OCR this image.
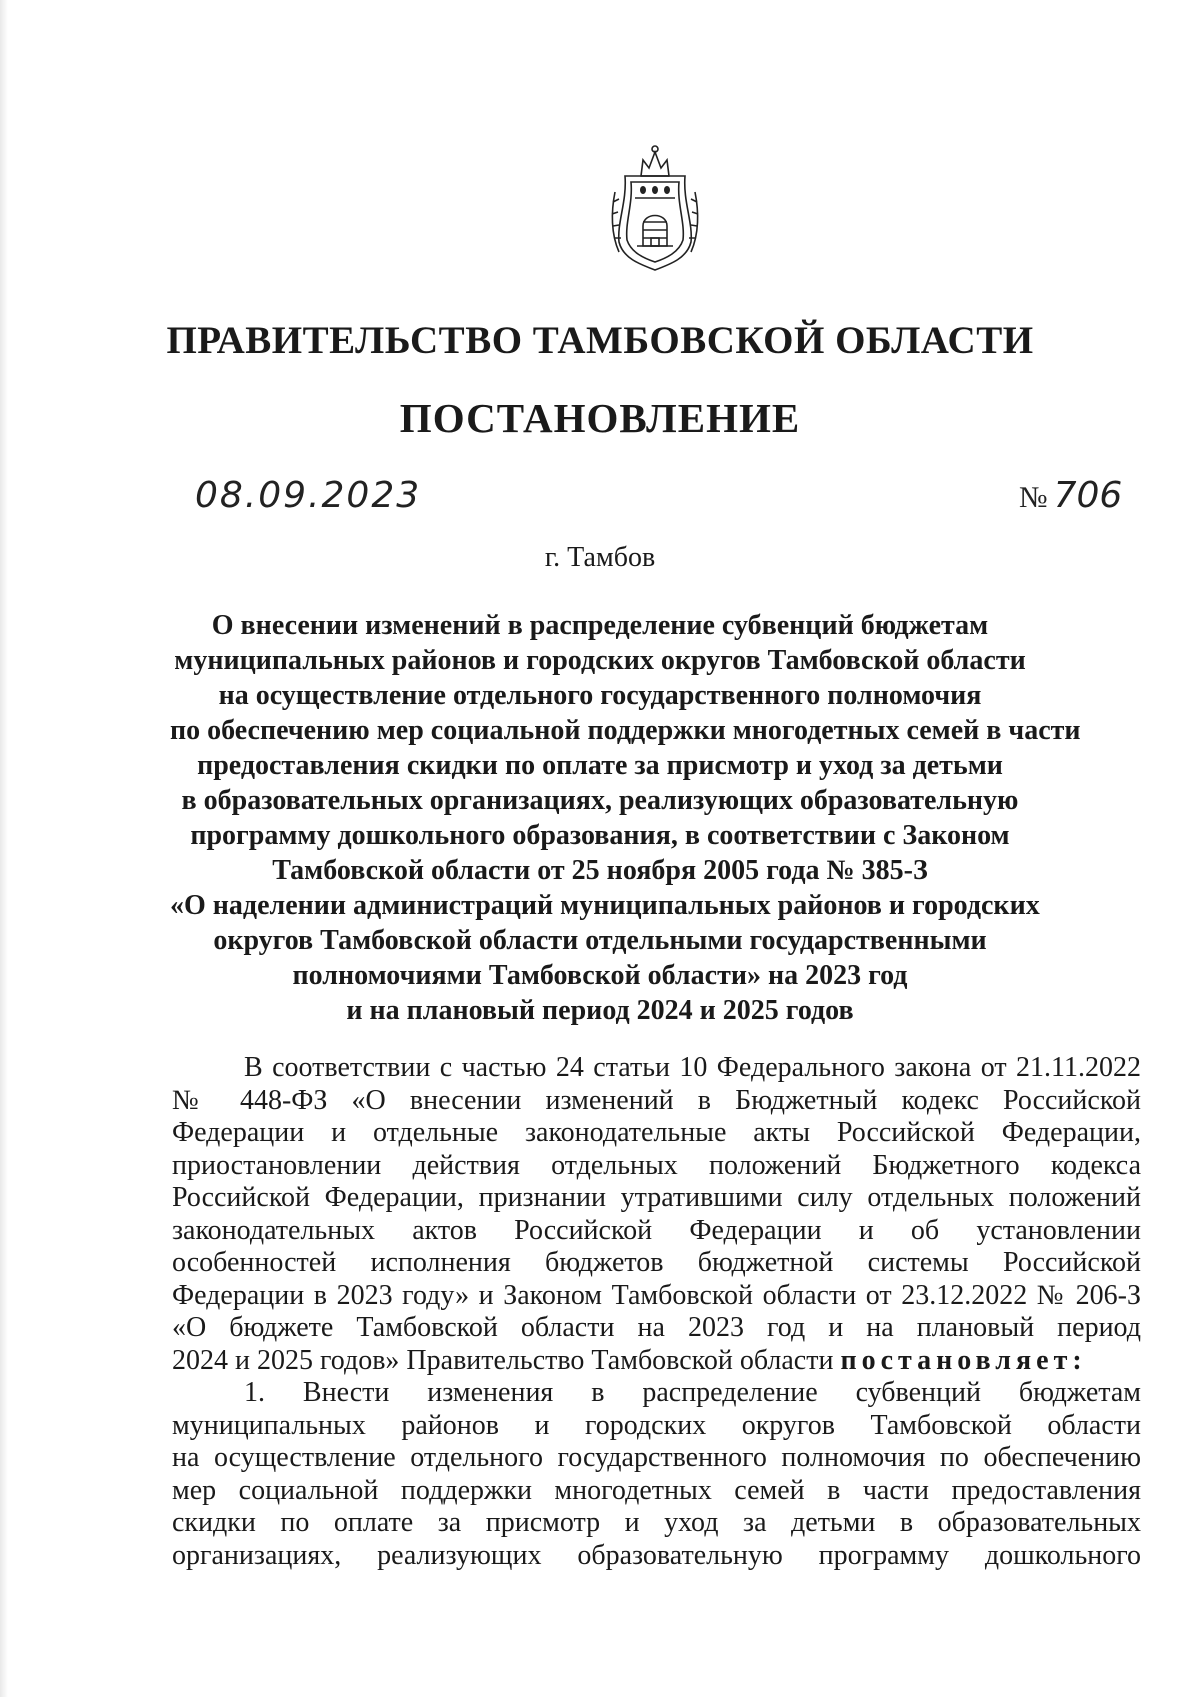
ПРАВИТЕЛЬСТВО ТАМБОВСКОЙ ОБЛАСТИ
ПОСТАНОВЛЕНИЕ
08.09.2023	№ 706
г. Тамбов
О внесении изменений в распределение субвенций бюджетам
муниципальных районов и городских округов Тамбовской области
на осуществление отдельного государственного полномочия
по обеспечению мер социальной поддержки многодетных семей в части
предоставления скидки по оплате за присмотр и уход за детьми
в образовательных организациях, реализующих образовательную
программу дошкольного образования, в соответствии с Законом
Тамбовской области от 25 ноября 2005 года № 385-З
«О наделении администраций муниципальных районов и городских
округов Тамбовской области отдельными государственными
полномочиями Тамбовской области» на 2023 год
и на плановый период 2024 и 2025 годов
В соответствии с частью 24 статьи 10 Федерального закона от 21.11.2022
№ 448-ФЗ «О внесении изменений в Бюджетный кодекс Российской
Федерации и отдельные законодательные акты Российской Федерации,
приостановлении действия отдельных положений Бюджетного кодекса
Российской Федерации, признании утратившими силу отдельных положений
законодательных актов Российской Федерации и об установлении
особенностей исполнения бюджетов бюджетной системы Российской
Федерации в 2023 году» и Законом Тамбовской области от 23.12.2022 № 206-З
«О бюджете Тамбовской области на 2023 год и на плановый период
2024 и 2025 годов» Правительство Тамбовской области постановляет:
1. Внести изменения в распределение субвенций бюджетам
муниципальных районов и городских округов Тамбовской области
на осуществление отдельного государственного полномочия по обеспечению
мер социальной поддержки многодетных семей в части предоставления
скидки по оплате за присмотр и уход за детьми в образовательных
организациях, реализующих образовательную программу дошкольного
